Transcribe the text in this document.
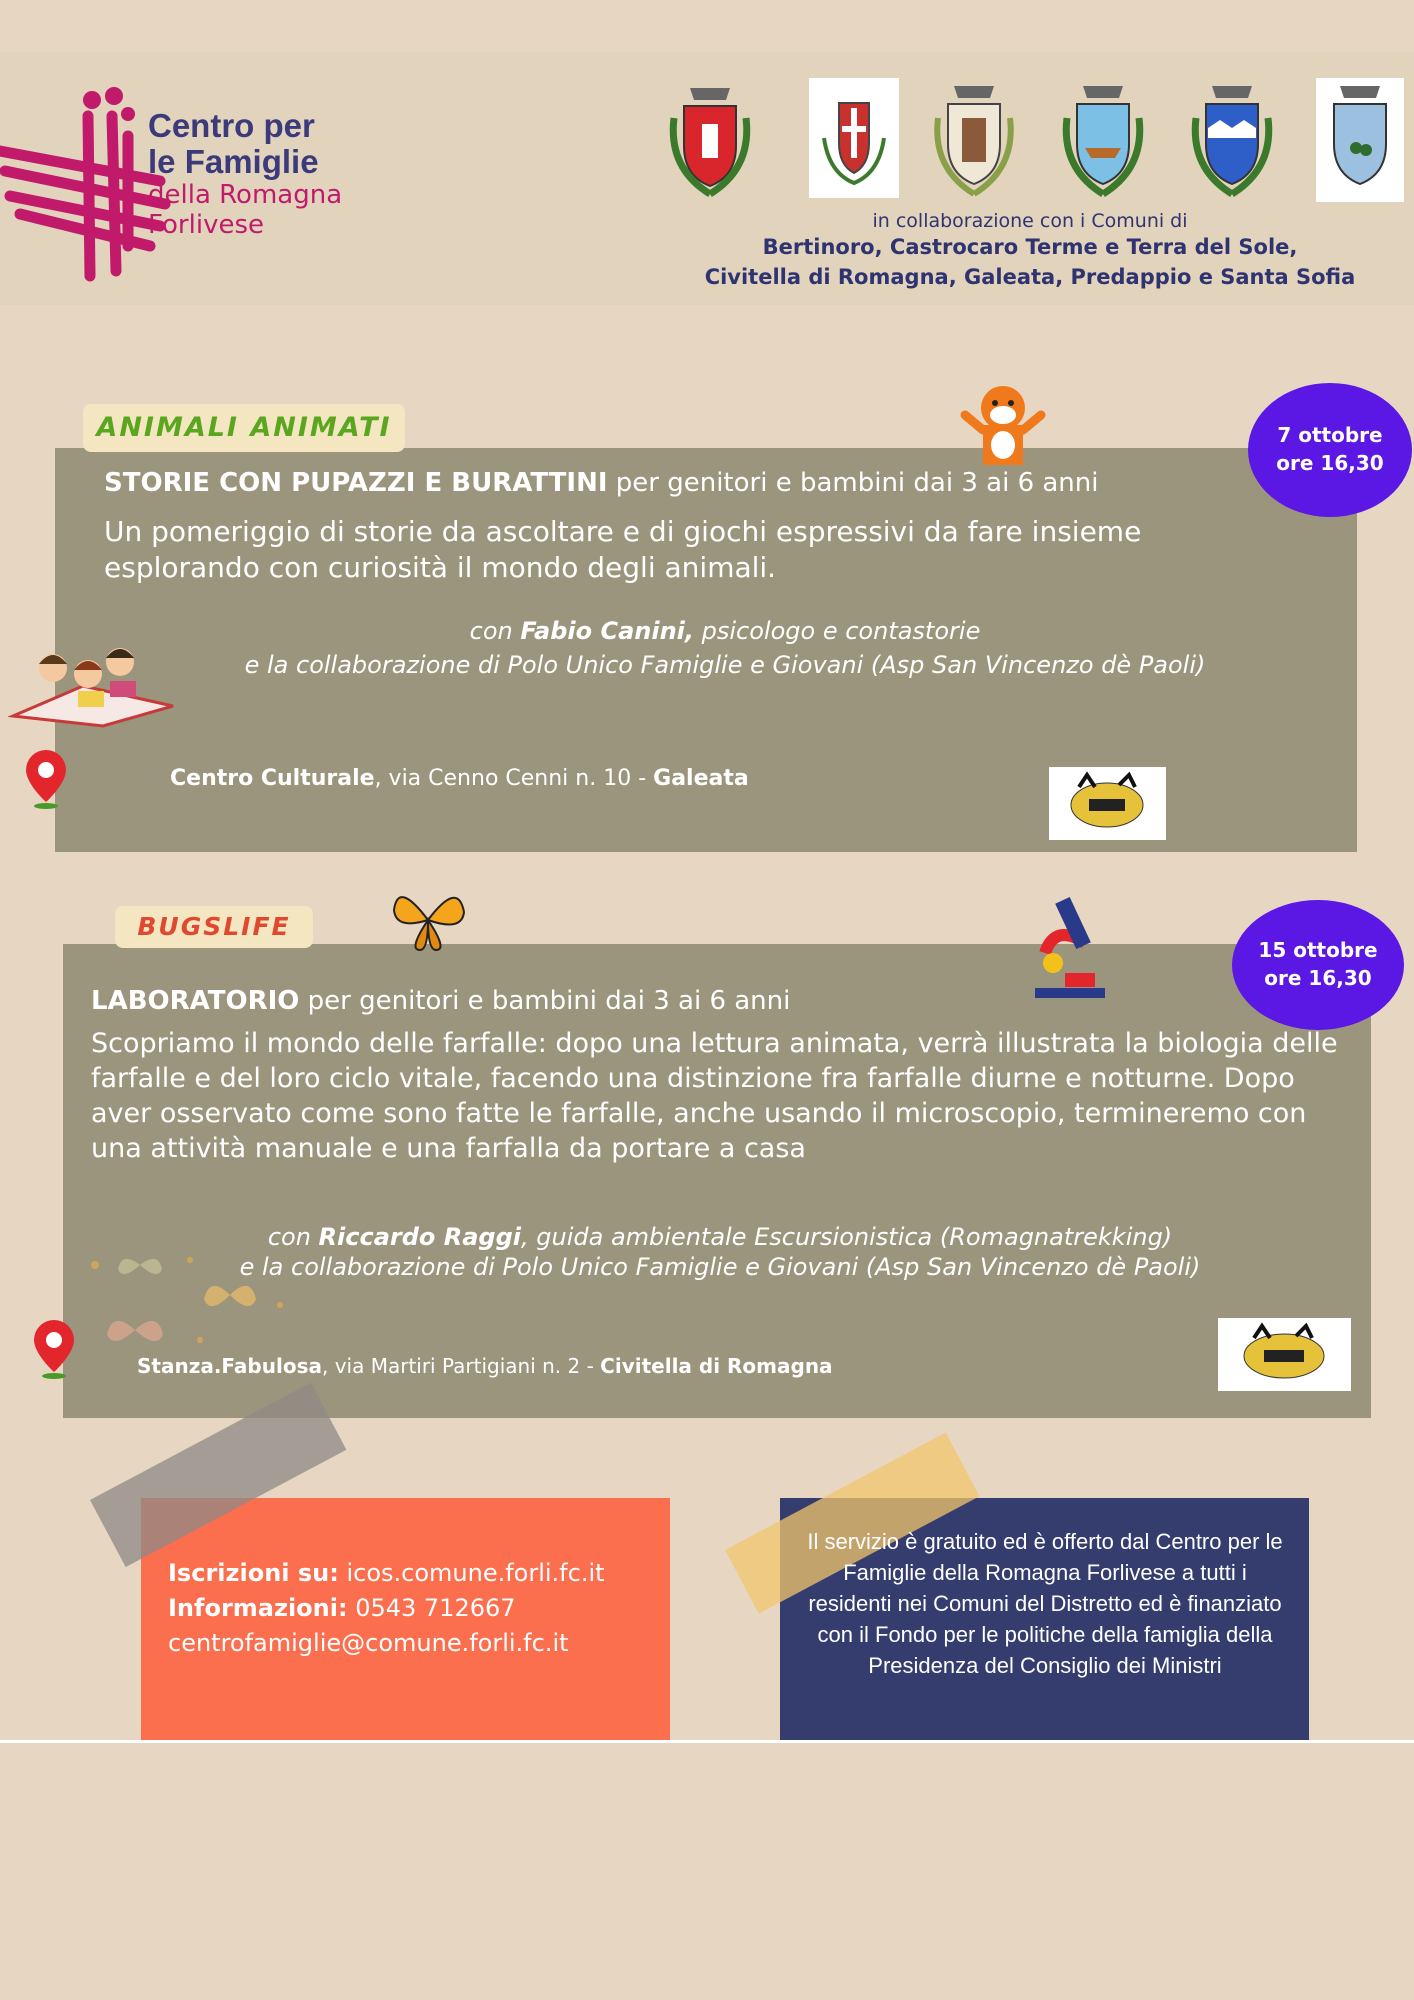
Centro per
le Famiglie
della Romagna
Forlivese	in collaborazione con i Comuni di
Bertinoro, Castrocaro Terme e Terra del Sole,
Civitella di Romagna, Galeata, Predappio e Santa Sofia
ANIMALI ANIMATI	7 ottobre
ore 16,30
STORIE CON PUPAZZI E BURATTINI per genitori e bambini dai 3 ai 6 anni
Un pomeriggio di storie da ascoltare e di giochi espressivi da fare insieme esplorando con curiosità il mondo degli animali.
con Fabio Canini, psicologo e contastorie
e la collaborazione di Polo Unico Famiglie e Giovani (Asp San Vincenzo dè Paoli)
Centro Culturale, via Cenno Cenni n. 10 - Galeata
BUGSLIFE
15 ottobre
ore 16,30
LABORATORIO per genitori e bambini dai 3 ai 6 anni
Scopriamo il mondo delle farfalle: dopo una lettura animata, verrà illustrata la biologia delle farfalle e del loro ciclo vitale, facendo una distinzione fra farfalle diurne e notturne. Dopo aver osservato come sono fatte le farfalle, anche usando il microscopio, termineremo con una attività manuale e una farfalla da portare a casa
con Riccardo Raggi, guida ambientale Escursionistica (Romagnatrekking)
e la collaborazione di Polo Unico Famiglie e Giovani (Asp San Vincenzo dè Paoli)
Stanza.Fabulosa, via Martiri Partigiani n. 2 - Civitella di Romagna
Iscrizioni su: icos.comune.forli.fc.it
Informazioni: 0543 712667
centrofamiglie@comune.forli.fc.it
Il servizio è gratuito ed è offerto dal Centro per le Famiglie della Romagna Forlivese a tutti i residenti nei Comuni del Distretto ed è finanziato con il Fondo per le politiche della famiglia della Presidenza del Consiglio dei Ministri
